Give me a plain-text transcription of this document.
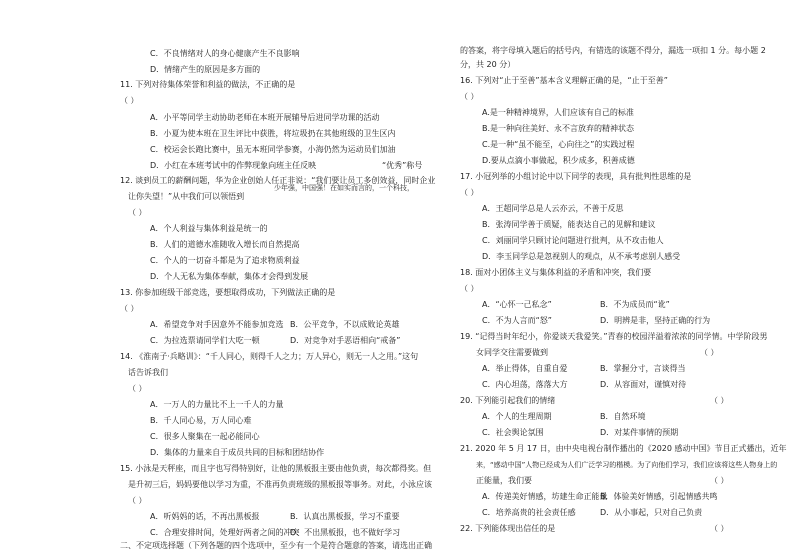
C．不良情绪对人的身心健康产生不良影响
D．情绪产生的原因是多方面的
11. 下列对待集体荣誉和利益的做法，不正确的是
（ ）
A．小平等同学主动协助老师在本班开展辅导后进同学功课的活动
B．小夏为使本班在卫生评比中获胜，将垃圾扔在其他班级的卫生区内
C．校运会长跑比赛中，虽无本班同学参赛，小海仍然为运动员们加油
D．小红在本班考试中的作弊现象向班主任反映	“优秀”称号
12. 谈到员工的薪酬问题，华为企业创始人任正非说：“我们要让员工多创效益，同时企业
少年强，中国强！在如实而言的，一个科技，
让你失望！”从中我们可以领悟到
（ ）
A．个人利益与集体利益是统一的
B．人们的道德水准随收入增长而自然提高
C．个人的一切奋斗都是为了追求物质利益
D．个人无私为集体奉献，集体才会得到发展
13. 你参加班级干部竞选，要想取得成功，下列做法正确的是
（ ）
A．希望竞争对手因意外不能参加竞选 B．公平竞争，不以成败论英雄
C．为拉选票请同学们大吃一顿	D．对竞争对手恶语相向“戒备”
14. 《淮南子·兵略训》：“千人同心，则得千人之力；万人异心，则无一人之用。”这句
话告诉我们
（ ）
A．一万人的力量比不上一千人的力量
B．千人同心易，万人同心难
C．很多人聚集在一起必能同心
D．集体的力量来自于成员共同的目标和团结协作
15. 小泳是天秤座，而且字也写得特别好，让他的黑板报主要由他负责，每次都得奖。但
是升初三后，妈妈要他以学习为重，不准再负责班级的黑板报等事务。对此，小泳应该
（ ）
A．听妈妈的话，不再出黑板报	B．认真出黑板报，学习不重要
C．合理安排时间，处理好两者之间的冲突
D．不出黑板报，也不做好学习
二、不定项选择题（下列各题的四个选项中，至少有一个是符合题意的答案，请选出正确
的答案，将字母填入题后的括号内，有错选的该题不得分，漏选一项扣 1 分。每小题 2
分，共 20 分）
16. 下列对“止于至善”基本含义理解正确的是，“止于至善”
（ ）
A.是一种精神境界，人们应该有自己的标准
B.是一种向往美好、永不言放弃的精神状态
C.是一种“虽不能至，心向往之”的实践过程
D.要从点滴小事做起，积少成多，积善成德
17. 小冠列举的小组讨论中以下同学的表现，具有批判性思维的是
（ ）
A．王超同学总是人云亦云，不善于反思
B．张涛同学善于质疑，能表达自己的见解和建议
C．刘丽同学只顾讨论问题进行批判，从不攻击他人
D．李玉同学总是忽视别人的观点，从不承考虑别人感受
18. 面对小团体主义与集体利益的矛盾和冲突，我们要
（ ）
A．“心怀一己私念”	B．不为成员而“讹”
C．不为人言而“怒”	D．明辨是非，坚持正确的行为
19. “记得当时年纪小，你爱谈天我爱笑。”青春的校园洋溢着浓浓的同学情。中学阶段男
女同学交往需要做到	（ ）
A．举止得体，自重自爱	B．掌握分寸，言谈得当
C．内心坦荡，落落大方	D．从容面对，谨慎对待
20. 下列能引起我们的情绪	（ ）
A．个人的生理周期	B．自然环境
C．社会舆论氛围	D．对某件事情的预期
21. 2020 年 5 月 17 日，由中央电视台制作播出的《2020 感动中国》节目正式播出，近年
来，“感动中国”人物已经成为人们广泛学习的楷模。为了向他们学习，我们应该将这些人物身上的
正能量，我们要	（ ）
A．传递美好情感，坊建生命正能量
B．体验美好情感，引起情感共鸣
C．培养高贵的社会责任感	D．从小事起，只对自己负责
22. 下列能体现出信任的是	（ ）
